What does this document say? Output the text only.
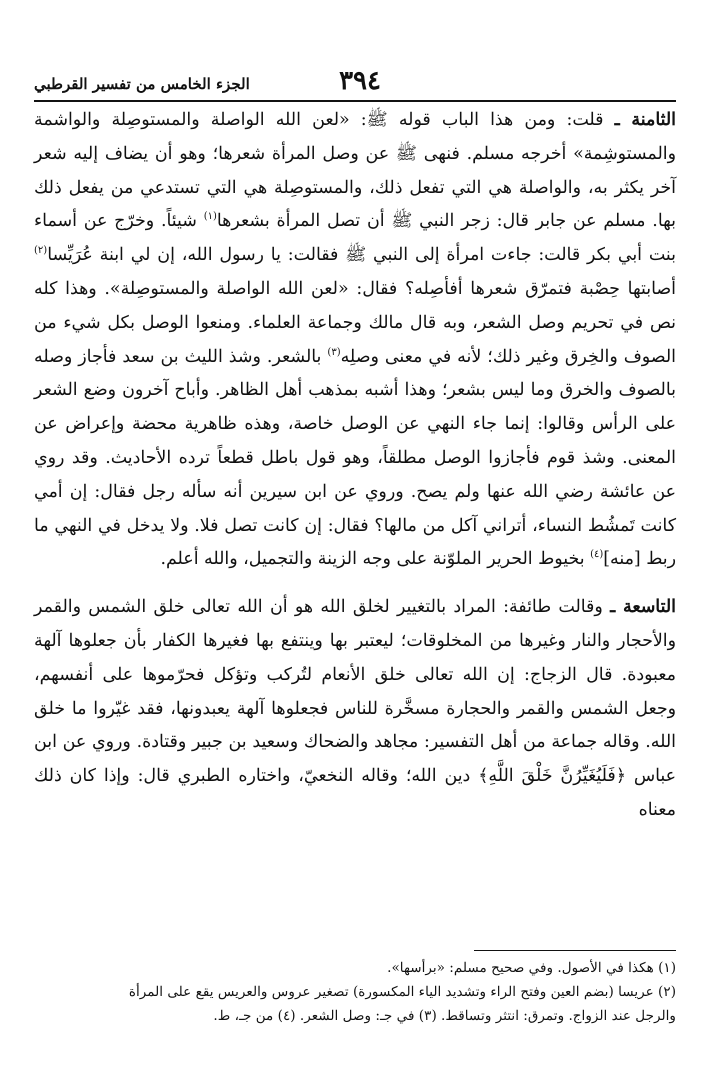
٣٩٤
الجزء الخامس من تفسير القرطبي

الثامنة ـ قلت: ومن هذا الباب قوله ﷺ: «لعن الله الواصلة والمستوصِلة والواشمة والمستوشِمة» أخرجه مسلم. فنهى ﷺ عن وصل المرأة شعرها؛ وهو أن يضاف إليه شعر آخر يكثر به، والواصلة هي التي تفعل ذلك، والمستوصِلة هي التي تستدعي من يفعل ذلك بها. مسلم عن جابر قال: زجر النبي ﷺ أن تصل المرأة بشعرها$^{(١)}$ شيئاً. وخرّج عن أسماء بنت أبي بكر قالت: جاءت امرأة إلى النبي ﷺ فقالت: يا رسول الله، إن لي ابنة عُرَيِّسا$^{(٢)}$ أصابتها حِصْبة فتمرّق شعرها أفأصِله؟ فقال: «لعن الله الواصلة والمستوصِلة». وهذا كله نص في تحريم وصل الشعر، وبه قال مالك وجماعة العلماء. ومنعوا الوصل بكل شيء من الصوف والخِرق وغير ذلك؛ لأنه في معنى وصلِه$^{(٣)}$ بالشعر. وشذ الليث بن سعد فأجاز وصله بالصوف والخرق وما ليس بشعر؛ وهذا أشبه بمذهب أهل الظاهر. وأباح آخرون وضع الشعر على الرأس وقالوا: إنما جاء النهي عن الوصل خاصة، وهذه ظاهرية محضة وإعراض عن المعنى. وشذ قوم فأجازوا الوصل مطلقاً، وهو قول باطل قطعاً ترده الأحاديث. وقد روي عن عائشة رضي الله عنها ولم يصح. وروي عن ابن سيرين أنه سأله رجل فقال: إن أمي كانت تَمشُط النساء، أتراني آكل من مالها؟ فقال: إن كانت تصل فلا. ولا يدخل في النهي ما ربط [منه]$^{(٤)}$ بخيوط الحرير الملوّنة على وجه الزينة والتجميل، والله أعلم.

التاسعة ـ وقالت طائفة: المراد بالتغيير لخلق الله هو أن الله تعالى خلق الشمس والقمر والأحجار والنار وغيرها من المخلوقات؛ ليعتبر بها وينتفع بها فغيرها الكفار بأن جعلوها آلهة معبودة. قال الزجاج: إن الله تعالى خلق الأنعام لتُركب وتؤكل فحرّموها على أنفسهم، وجعل الشمس والقمر والحجارة مسخَّرة للناس فجعلوها آلهة يعبدونها، فقد غيّروا ما خلق الله. وقاله جماعة من أهل التفسير: مجاهد والضحاك وسعيد بن جبير وقتادة. وروي عن ابن عباس ﴿فَلَيُغَيِّرُنَّ خَلْقَ اللَّهِ﴾ دين الله؛ وقاله النخعيّ، واختاره الطبري قال: وإذا كان ذلك معناه

(١) هكذا في الأصول. وفي صحيح مسلم: «برأسها».

(٢) عريسا (بضم العين وفتح الراء وتشديد الياء المكسورة) تصغير عروس والعريس يقع على المرأة

والرجل عند الزواج. وتمرق: انتثر وتساقط. (٣) في جـ: وصل الشعر. (٤) من جـ، ط.
